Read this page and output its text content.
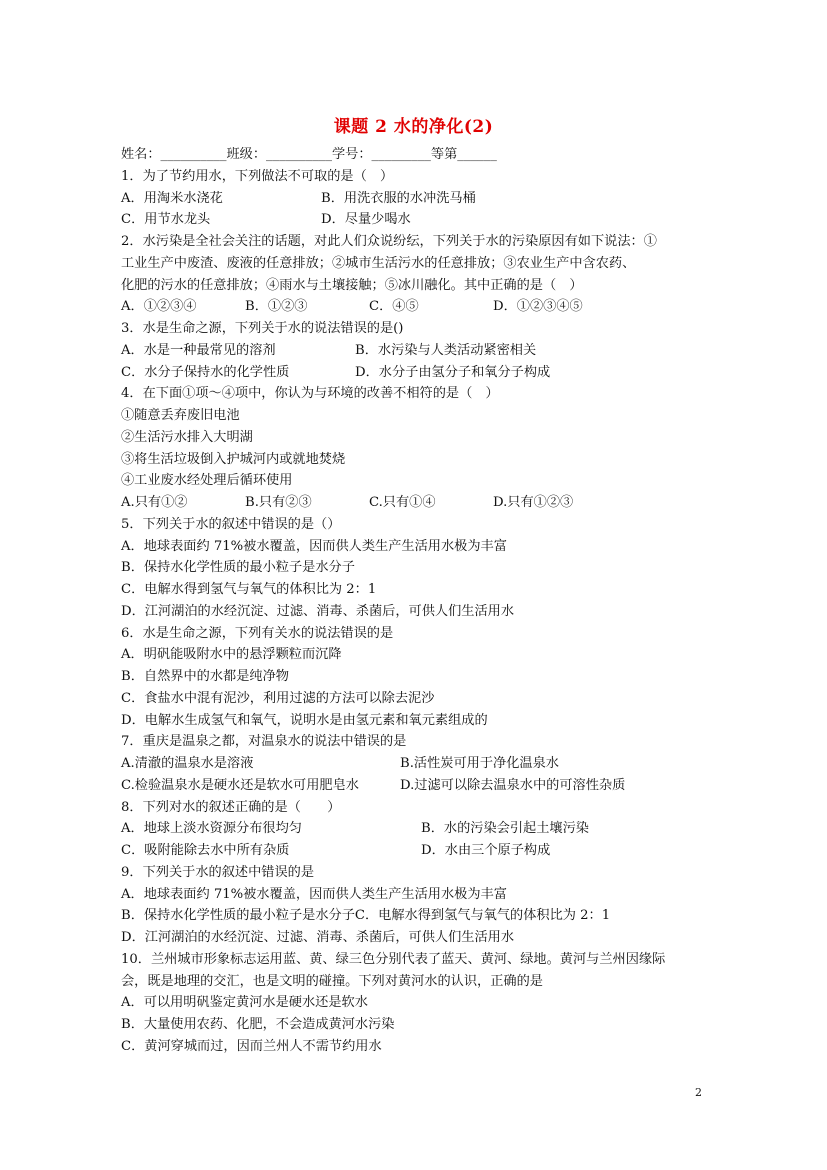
课题 2 水的净化(2)
姓名：__________班级：__________学号：_________等第______
1．为了节约用水，下列做法不可取的是（　）
A．用淘米水浇花	B．用洗衣服的水冲洗马桶
C．用节水龙头	D．尽量少喝水
2．水污染是全社会关注的话题，对此人们众说纷纭，下列关于水的污染原因有如下说法：①
工业生产中废渣、废液的任意排放；②城市生活污水的任意排放；③农业生产中含农药、
化肥的污水的任意排放；④雨水与土壤接触；⑤冰川融化。其中正确的是（　）
A．①②③④	B．①②③	C．④⑤	D．①②③④⑤
3．水是生命之源，下列关于水的说法错误的是()
A．水是一种最常见的溶剂	B．水污染与人类活动紧密相关
C．水分子保持水的化学性质	D．水分子由氢分子和氧分子构成
4．在下面①项～④项中，你认为与环境的改善不相符的是（　）
①随意丢弃废旧电池
②生活污水排入大明湖
③将生活垃圾倒入护城河内或就地焚烧
④工业废水经处理后循环使用
A.只有①②	B.只有②③	C.只有①④	D.只有①②③
5．下列关于水的叙述中错误的是（）
A．地球表面约 71%被水覆盖，因而供人类生产生活用水极为丰富
B．保持水化学性质的最小粒子是水分子
C．电解水得到氢气与氧气的体积比为 2：1
D．江河湖泊的水经沉淀、过滤、消毒、杀菌后，可供人们生活用水
6．水是生命之源，下列有关水的说法错误的是
A．明矾能吸附水中的悬浮颗粒而沉降
B．自然界中的水都是纯净物
C．食盐水中混有泥沙，利用过滤的方法可以除去泥沙
D．电解水生成氢气和氧气，说明水是由氢元素和氧元素组成的
7．重庆是温泉之都，对温泉水的说法中错误的是
A.清澈的温泉水是溶液	B.活性炭可用于净化温泉水
C.检验温泉水是硬水还是软水可用肥皂水	D.过滤可以除去温泉水中的可溶性杂质
8．下列对水的叙述正确的是（　　）
A．地球上淡水资源分布很均匀	B．水的污染会引起土壤污染
C．吸附能除去水中所有杂质	D．水由三个原子构成
9．下列关于水的叙述中错误的是
A．地球表面约 71%被水覆盖，因而供人类生产生活用水极为丰富
B．保持水化学性质的最小粒子是水分子 C．电解水得到氢气与氧气的体积比为 2：1
D．江河湖泊的水经沉淀、过滤、消毒、杀菌后，可供人们生活用水
10．兰州城市形象标志运用蓝、黄、绿三色分别代表了蓝天、黄河、绿地。黄河与兰州因缘际
会，既是地理的交汇，也是文明的碰撞。下列对黄河水的认识，正确的是
A．可以用明矾鉴定黄河水是硬水还是软水
B．大量使用农药、化肥，不会造成黄河水污染
C．黄河穿城而过，因而兰州人不需节约用水
2
